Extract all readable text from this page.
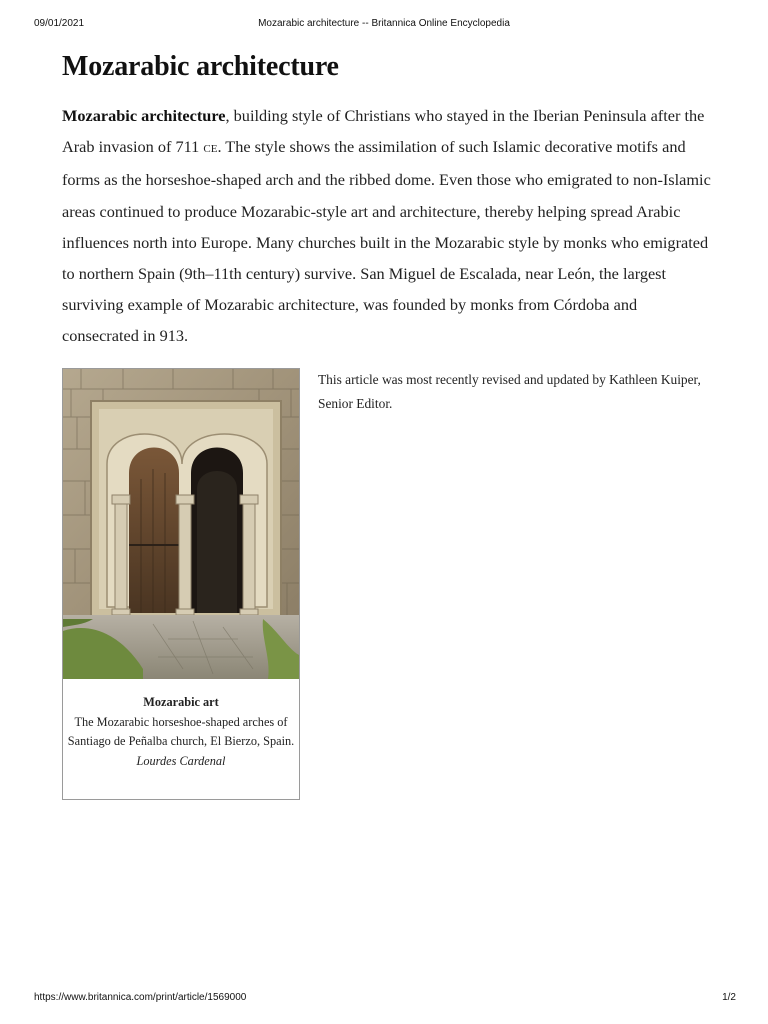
09/01/2021	Mozarabic architecture -- Britannica Online Encyclopedia
Mozarabic architecture

Mozarabic architecture, building style of Christians who stayed in the Iberian Peninsula after the Arab invasion of 711 ce. The style shows the assimilation of such Islamic decorative motifs and forms as the horseshoe-shaped arch and the ribbed dome. Even those who emigrated to non-Islamic areas continued to produce Mozarabic-style art and architecture, thereby helping spread Arabic influences north into Europe. Many churches built in the Mozarabic style by monks who emigrated to northern Spain (9th–11th century) survive. San Miguel de Escalada, near León, the largest surviving example of Mozarabic architecture, was founded by monks from Córdoba and consecrated in 913.

Mozarabic art
The Mozarabic horseshoe-shaped arches of Santiago de Peñalba church, El Bierzo, Spain.
Lourdes Cardenal

This article was most recently revised and updated by Kathleen Kuiper, Senior Editor.

https://www.britannica.com/print/article/1569000	1/2
